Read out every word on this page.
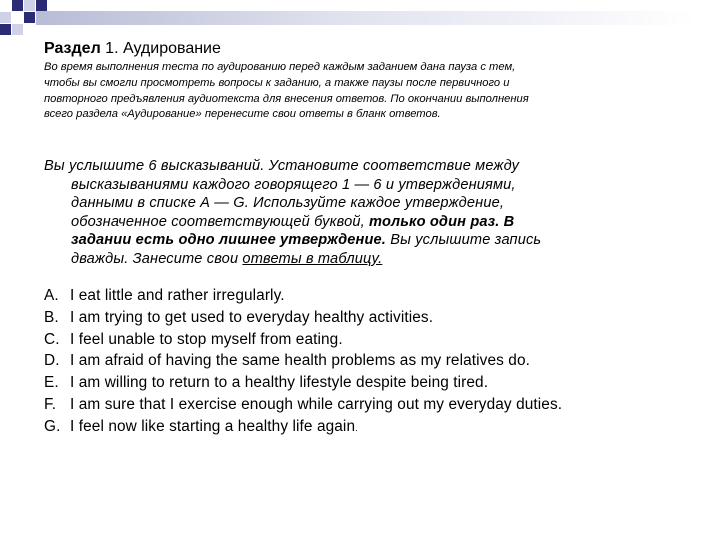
Раздел 1. Аудирование
Во время выполнения теста по аудированию перед каждым заданием дана пауза с тем,
чтобы вы смогли просмотреть вопросы к заданию, а также паузы после первичного и
повторного предъявления аудиотекста для внесения ответов. По окончании выполнения
всего раздела «Аудирование» перенесите свои ответы в бланк ответов.
Вы услышите 6 высказываний. Установите соответствие между
высказываниями каждого говорящего 1 — 6 и утверждениями,
данными в списке А — G. Используйте каждое утверждение,
обозначенное соответствующей буквой, только один раз. В
задании есть одно лишнее утверждение. Вы услышите запись
дважды. Занесите свои ответы в таблицу.
A. I eat little and rather irregularly.
B. I am trying to get used to everyday healthy activities.
C. I feel unable to stop myself from eating.
D. I am afraid of having the same health problems as my relatives do.
E. I am willing to return to a healthy lifestyle despite being tired.
F. I am sure that I exercise enough while carrying out my everyday duties.
G. I feel now like starting a healthy life again.
